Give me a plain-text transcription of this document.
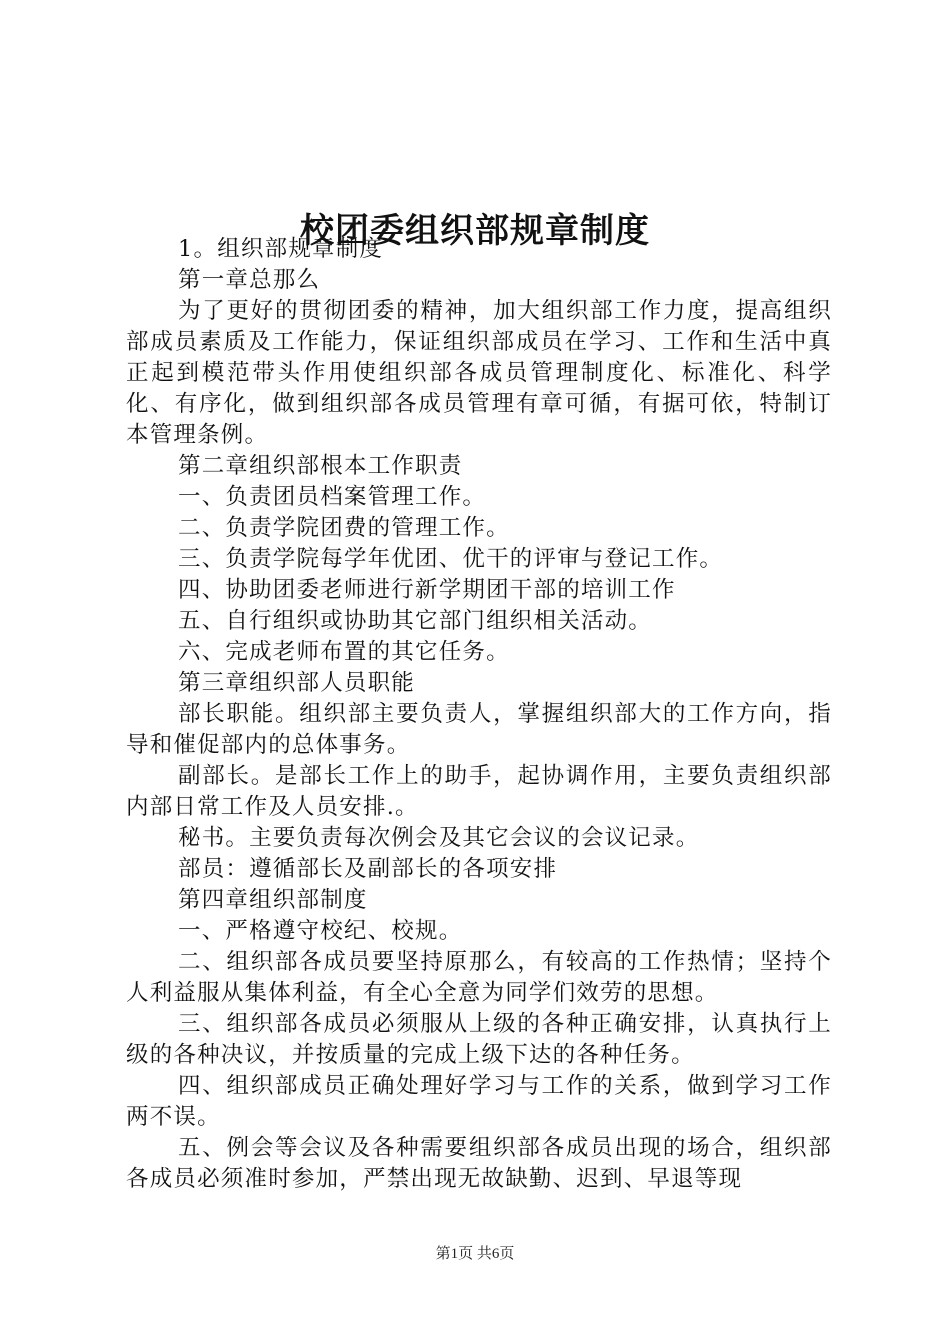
校团委组织部规章制度

1。组织部规章制度

第一章总那么

为了更好的贯彻团委的精神，加大组织部工作力度，提高组织部成员素质及工作能力，保证组织部成员在学习、工作和生活中真正起到模范带头作用使组织部各成员管理制度化、标准化、科学化、有序化，做到组织部各成员管理有章可循，有据可依，特制订本管理条例。

第二章组织部根本工作职责

一、负责团员档案管理工作。

二、负责学院团费的管理工作。

三、负责学院每学年优团、优干的评审与登记工作。

四、协助团委老师进行新学期团干部的培训工作

五、自行组织或协助其它部门组织相关活动。

六、完成老师布置的其它任务。

第三章组织部人员职能

部长职能。组织部主要负责人，掌握组织部大的工作方向，指导和催促部内的总体事务。

副部长。是部长工作上的助手，起协调作用，主要负责组织部内部日常工作及人员安排.。

秘书。主要负责每次例会及其它会议的会议记录。

部员：遵循部长及副部长的各项安排

第四章组织部制度

一、严格遵守校纪、校规。

二、组织部各成员要坚持原那么，有较高的工作热情；坚持个人利益服从集体利益，有全心全意为同学们效劳的思想。

三、组织部各成员必须服从上级的各种正确安排，认真执行上级的各种决议，并按质量的完成上级下达的各种任务。

四、组织部成员正确处理好学习与工作的关系，做到学习工作两不误。

五、例会等会议及各种需要组织部各成员出现的场合，组织部各成员必须准时参加，严禁出现无故缺勤、迟到、早退等现

第1页 共6页
